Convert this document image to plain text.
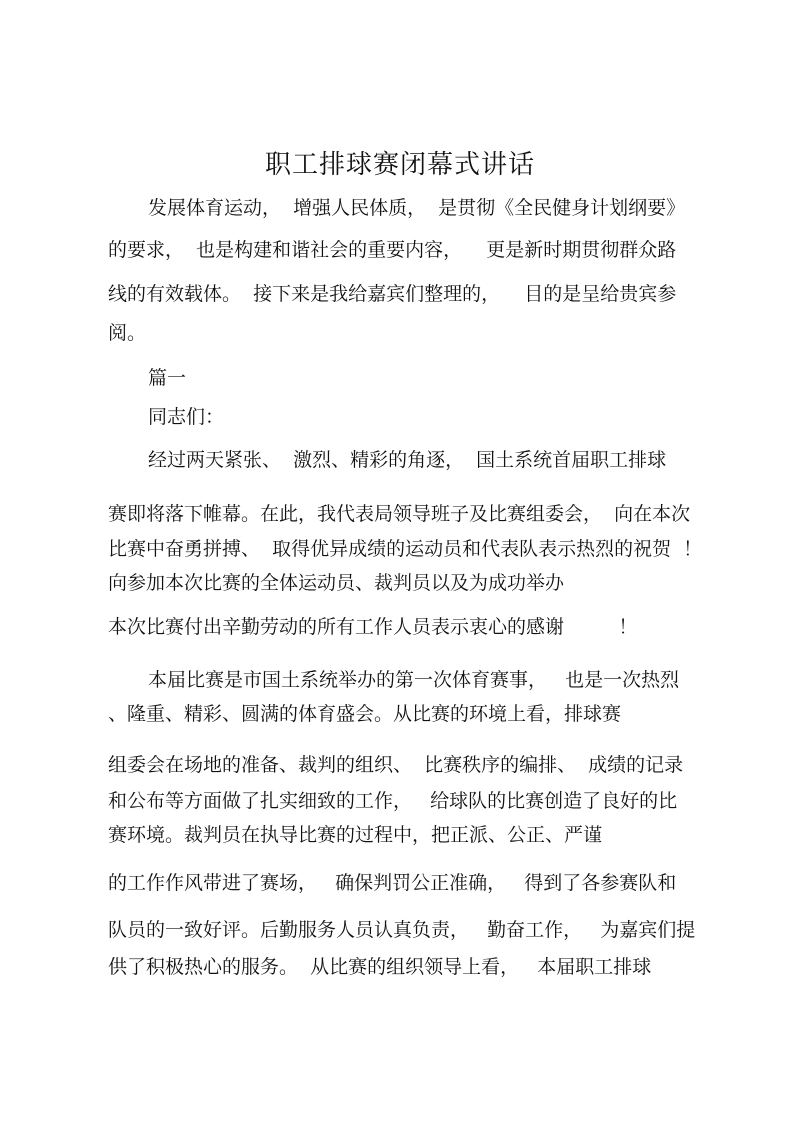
职工排球赛闭幕式讲话
发展体育运动，  增强人民体质，  是贯彻《全民健身计划纲要》
的要求，  也是构建和谐社会的重要内容，    更是新时期贯彻群众路
线的有效载体。  接下来是我给嘉宾们整理的，    目的是呈给贵宾参
阅。
篇一
同志们：
经过两天紧张、  激烈、精彩的角逐，  国土系统首届职工排球
赛即将落下帷幕。在此，我代表局领导班子及比赛组委会，  向在本次
比赛中奋勇拼搏、  取得优异成绩的运动员和代表队表示热烈的祝贺  ！
向参加本次比赛的全体运动员、裁判员以及为成功举办
本次比赛付出辛勤劳动的所有工作人员表示衷心的感谢         ！
本届比赛是市国土系统举办的第一次体育赛事，   也是一次热烈
、隆重、精彩、圆满的体育盛会。从比赛的环境上看，排球赛
组委会在场地的准备、裁判的组织、  比赛秩序的编排、  成绩的记录
和公布等方面做了扎实细致的工作，   给球队的比赛创造了良好的比
赛环境。裁判员在执导比赛的过程中，把正派、公正、严谨
的工作作风带进了赛场，   确保判罚公正准确，   得到了各参赛队和
队员的一致好评。后勤服务人员认真负责，   勤奋工作，   为嘉宾们提
供了积极热心的服务。  从比赛的组织领导上看，   本届职工排球
